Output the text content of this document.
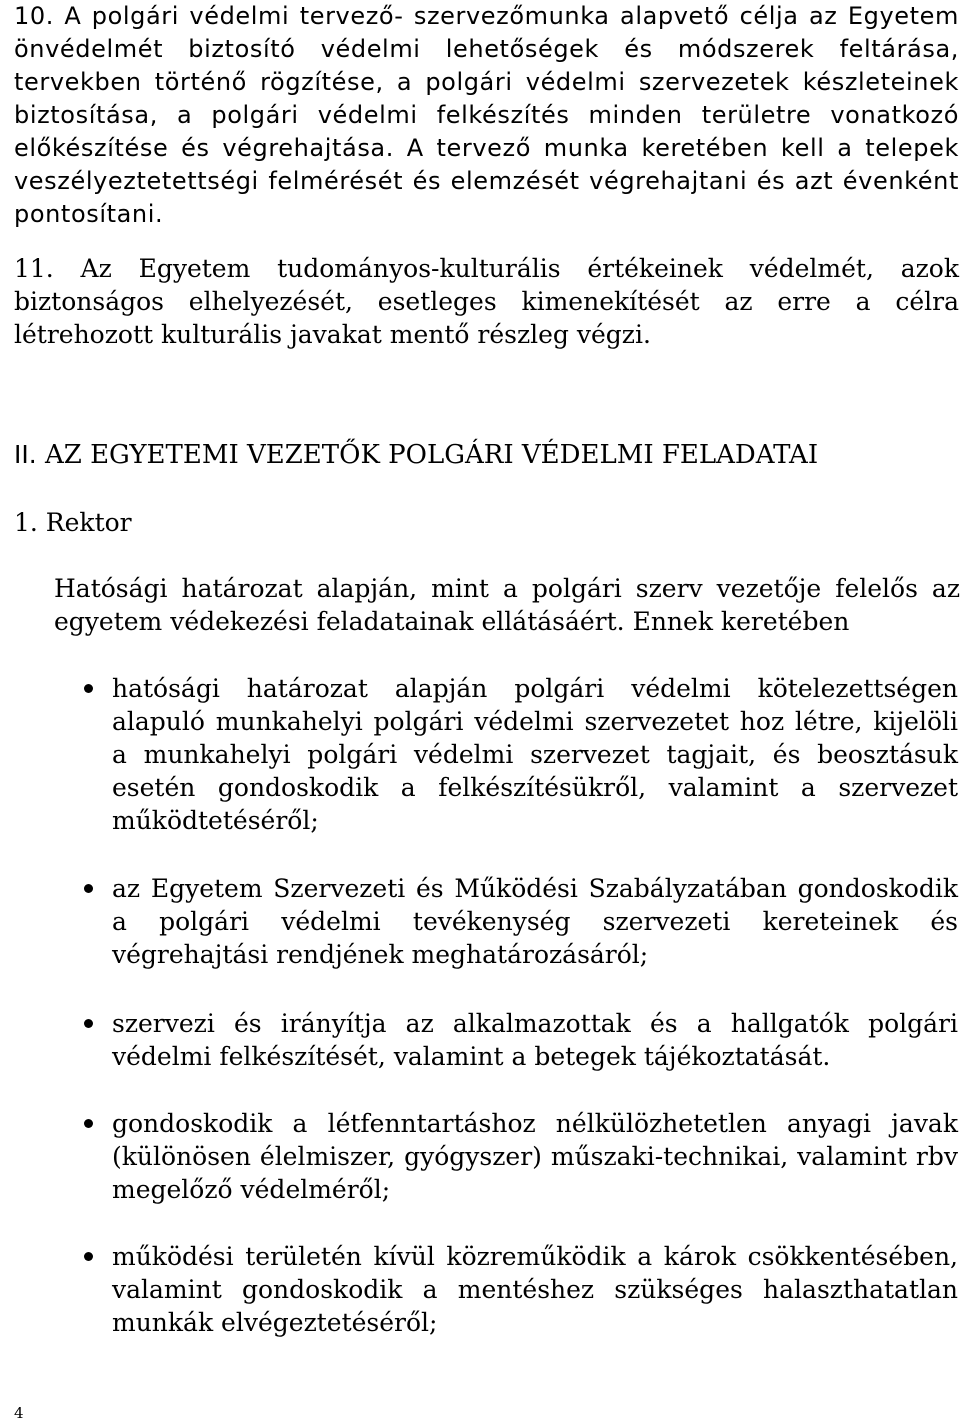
10. A polgári védelmi tervező- szervezőmunka alapvető célja az Egyetem önvédelmét biztosító védelmi lehetőségek és módszerek feltárása, tervekben történő rögzítése, a polgári védelmi szervezetek készleteinek biztosítása, a polgári védelmi felkészítés minden területre vonatkozó előkészítése és végrehajtása. A tervező munka keretében kell a telepek veszélyeztetettségi felmérését és elemzését végrehajtani és azt évenként pontosítani.

11. Az Egyetem tudományos-kulturális értékeinek védelmét, azok biztonságos elhelyezését, esetleges kimenekítését az erre a célra létrehozott kulturális javakat mentő részleg végzi.

II. AZ EGYETEMI VEZETŐK POLGÁRI VÉDELMI FELADATAI

1. Rektor

Hatósági határozat alapján, mint a polgári szerv vezetője felelős az egyetem védekezési feladatainak ellátásáért. Ennek keretében

hatósági határozat alapján polgári védelmi kötelezettségen alapuló munkahelyi polgári védelmi szervezetet hoz létre, kijelöli a munkahelyi polgári védelmi szervezet tagjait, és beosztásuk esetén gondoskodik a felkészítésükről, valamint a szervezet működtetéséről;
az Egyetem Szervezeti és Működési Szabályzatában gondoskodik a polgári védelmi tevékenység szervezeti kereteinek és végrehajtási rendjének meghatározásáról;
szervezi és irányítja az alkalmazottak és a hallgatók polgári védelmi felkészítését, valamint a betegek tájékoztatását.
gondoskodik a létfenntartáshoz nélkülözhetetlen anyagi javak (különösen élelmiszer, gyógyszer) műszaki-technikai, valamint rbv megelőző védelméről;
működési területén kívül közreműködik a károk csökkentésében, valamint gondoskodik a mentéshez szükséges halaszthatatlan munkák elvégeztetéséről;
4
